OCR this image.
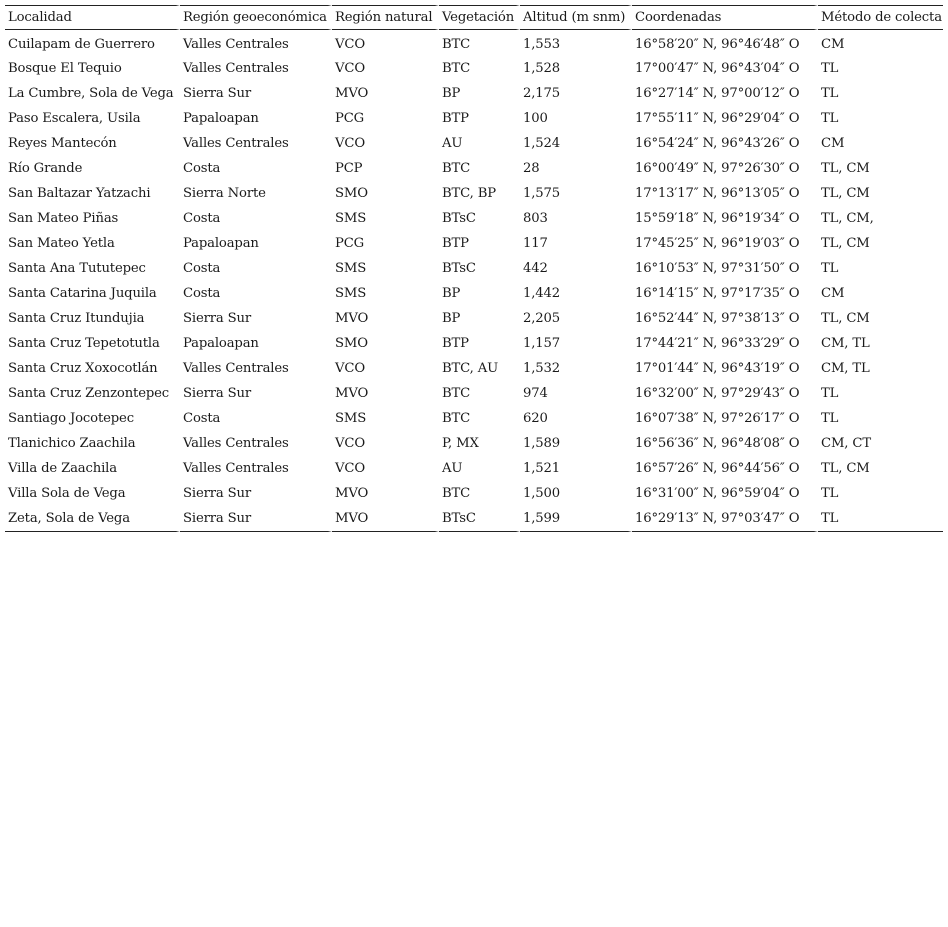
Localidad	Región geoeconómica	Región natural	Vegetación	Altitud (m snm)	Coordenadas	Método de colecta
Cuilapam de Guerrero	Valles Centrales	VCO	BTC	1,553	16°58′20″ N, 96°46′48″ O	CM
Bosque El Tequio	Valles Centrales	VCO	BTC	1,528	17°00′47″ N, 96°43′04″ O	TL
La Cumbre, Sola de Vega	Sierra Sur	MVO	BP	2,175	16°27′14″ N, 97°00′12″ O	TL
Paso Escalera, Usila	Papaloapan	PCG	BTP	100	17°55′11″ N, 96°29′04″ O	TL
Reyes Mantecón	Valles Centrales	VCO	AU	1,524	16°54′24″ N, 96°43′26″ O	CM
Río Grande	Costa	PCP	BTC	28	16°00′49″ N, 97°26′30″ O	TL, CM
San Baltazar Yatzachi	Sierra Norte	SMO	BTC, BP	1,575	17°13′17″ N, 96°13′05″ O	TL, CM
San Mateo Piñas	Costa	SMS	BTsC	803	15°59′18″ N, 96°19′34″ O	TL, CM,
San Mateo Yetla	Papaloapan	PCG	BTP	117	17°45′25″ N, 96°19′03″ O	TL, CM
Santa Ana Tututepec	Costa	SMS	BTsC	442	16°10′53″ N, 97°31′50″ O	TL
Santa Catarina Juquila	Costa	SMS	BP	1,442	16°14′15″ N, 97°17′35″ O	CM
Santa Cruz Itundujia	Sierra Sur	MVO	BP	2,205	16°52′44″ N, 97°38′13″ O	TL, CM
Santa Cruz Tepetotutla	Papaloapan	SMO	BTP	1,157	17°44′21″ N, 96°33′29″ O	CM, TL
Santa Cruz Xoxocotlán	Valles Centrales	VCO	BTC, AU	1,532	17°01′44″ N, 96°43′19″ O	CM, TL
Santa Cruz Zenzontepec	Sierra Sur	MVO	BTC	974	16°32′00″ N, 97°29′43″ O	TL
Santiago Jocotepec	Costa	SMS	BTC	620	16°07′38″ N, 97°26′17″ O	TL
Tlanichico Zaachila	Valles Centrales	VCO	P, MX	1,589	16°56′36″ N, 96°48′08″ O	CM, CT
Villa de Zaachila	Valles Centrales	VCO	AU	1,521	16°57′26″ N, 96°44′56″ O	TL, CM
Villa Sola de Vega	Sierra Sur	MVO	BTC	1,500	16°31′00″ N, 96°59′04″ O	TL
Zeta, Sola de Vega	Sierra Sur	MVO	BTsC	1,599	16°29′13″ N, 97°03′47″ O	TL
